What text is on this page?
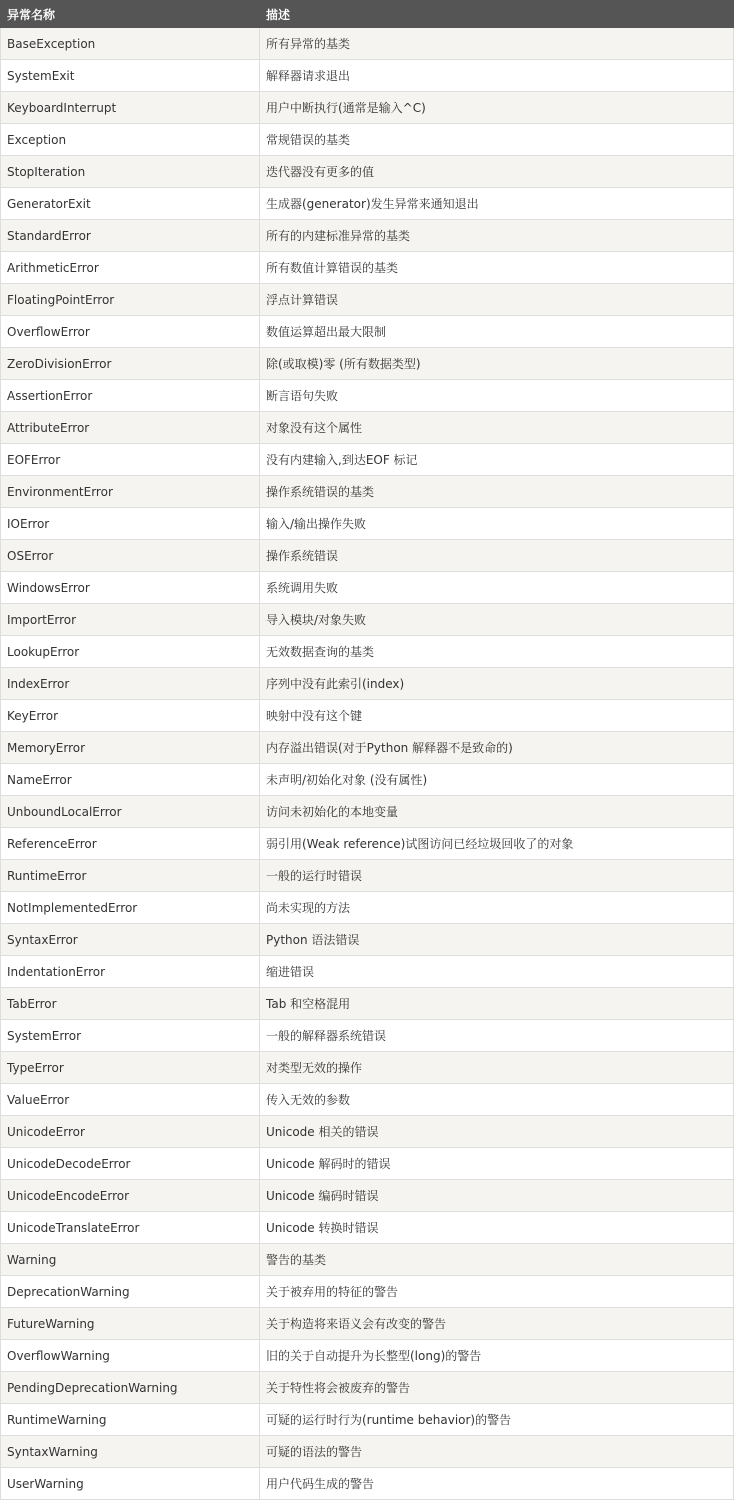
异常名称	描述
BaseException	所有异常的基类
SystemExit	解释器请求退出
KeyboardInterrupt	用户中断执行(通常是输入^C)
Exception	常规错误的基类
StopIteration	迭代器没有更多的值
GeneratorExit	生成器(generator)发生异常来通知退出
StandardError	所有的内建标准异常的基类
ArithmeticError	所有数值计算错误的基类
FloatingPointError	浮点计算错误
OverflowError	数值运算超出最大限制
ZeroDivisionError	除(或取模)零 (所有数据类型)
AssertionError	断言语句失败
AttributeError	对象没有这个属性
EOFError	没有内建输入,到达EOF 标记
EnvironmentError	操作系统错误的基类
IOError	输入/输出操作失败
OSError	操作系统错误
WindowsError	系统调用失败
ImportError	导入模块/对象失败
LookupError	无效数据查询的基类
IndexError	序列中没有此索引(index)
KeyError	映射中没有这个键
MemoryError	内存溢出错误(对于Python 解释器不是致命的)
NameError	未声明/初始化对象 (没有属性)
UnboundLocalError	访问未初始化的本地变量
ReferenceError	弱引用(Weak reference)试图访问已经垃圾回收了的对象
RuntimeError	一般的运行时错误
NotImplementedError	尚未实现的方法
SyntaxError	Python 语法错误
IndentationError	缩进错误
TabError	Tab 和空格混用
SystemError	一般的解释器系统错误
TypeError	对类型无效的操作
ValueError	传入无效的参数
UnicodeError	Unicode 相关的错误
UnicodeDecodeError	Unicode 解码时的错误
UnicodeEncodeError	Unicode 编码时错误
UnicodeTranslateError	Unicode 转换时错误
Warning	警告的基类
DeprecationWarning	关于被弃用的特征的警告
FutureWarning	关于构造将来语义会有改变的警告
OverflowWarning	旧的关于自动提升为长整型(long)的警告
PendingDeprecationWarning	关于特性将会被废弃的警告
RuntimeWarning	可疑的运行时行为(runtime behavior)的警告
SyntaxWarning	可疑的语法的警告
UserWarning	用户代码生成的警告
